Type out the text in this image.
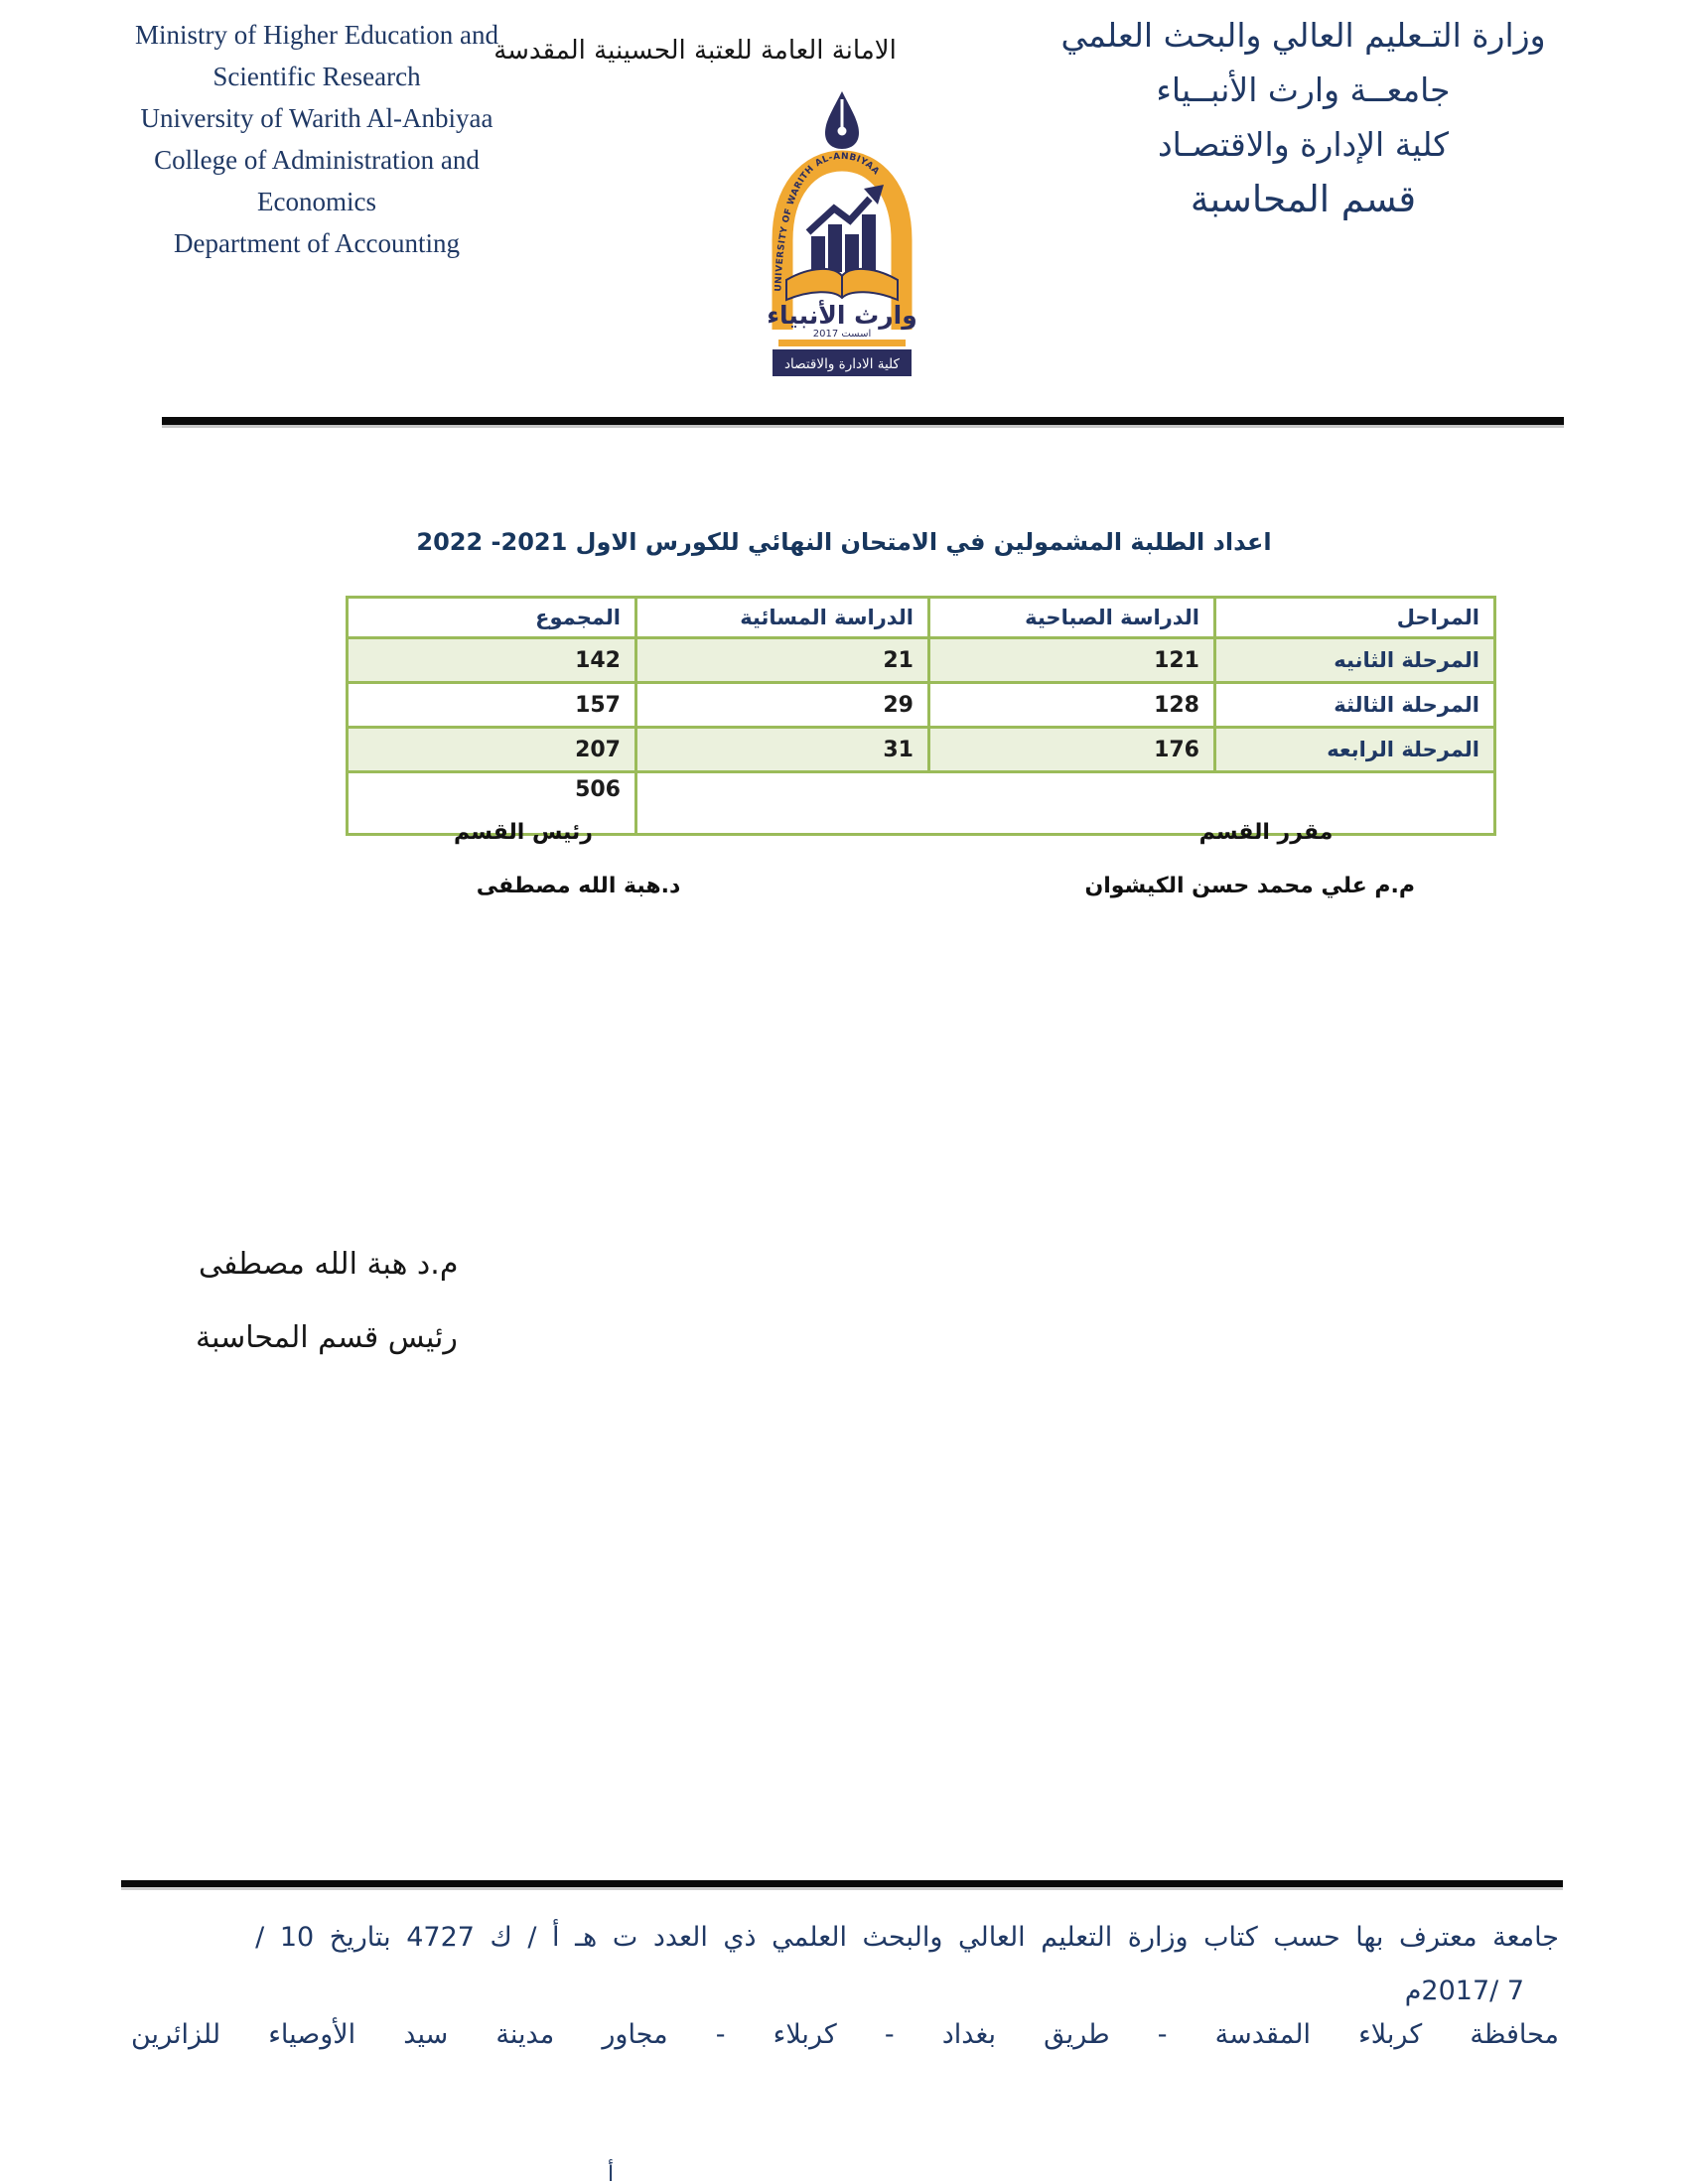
Ministry of Higher Education and
Scientific Research
University of Warith Al-Anbiyaa
College of Administration and
Economics
Department of Accounting
الامانة العامة للعتبة الحسينية المقدسة	وزارة التـعليم العالي والبحث العلمي
جامعــة وارث الأنبــياء
كلية الإدارة والاقتصـاد
قسم المحاسبة
UNIVERSITY OF WARITH AL-ANBIYAA
وارث الأنبياء
اسست 2017
كلية الادارة والاقتصاد
اعداد الطلبة المشمولين في الامتحان النهائي للكورس الاول 2021- 2022
المراحل	الدراسة الصباحية	الدراسة المسائية	المجموع
المرحلة الثانيه	121	21	142
المرحلة الثالثة	128	29	157
المرحلة الرابعه	176	31	207
			506
مقرر القسم
رئيس القسم
م.م علي محمد حسن الكيشوان
د.هبة الله مصطفى
م.د هبة الله مصطفى
رئيس قسم المحاسبة
جامعة معترف بها حسب كتاب وزارة التعليم العالي والبحث العلمي ذي العدد ت هـ أ / ك 4727 بتاريخ 10 /
7 /2017م
محافظة كربلاء المقدسة - طريق بغداد - كربلاء - مجاور مدينة سيد الأوصياء للزائرين
أ
